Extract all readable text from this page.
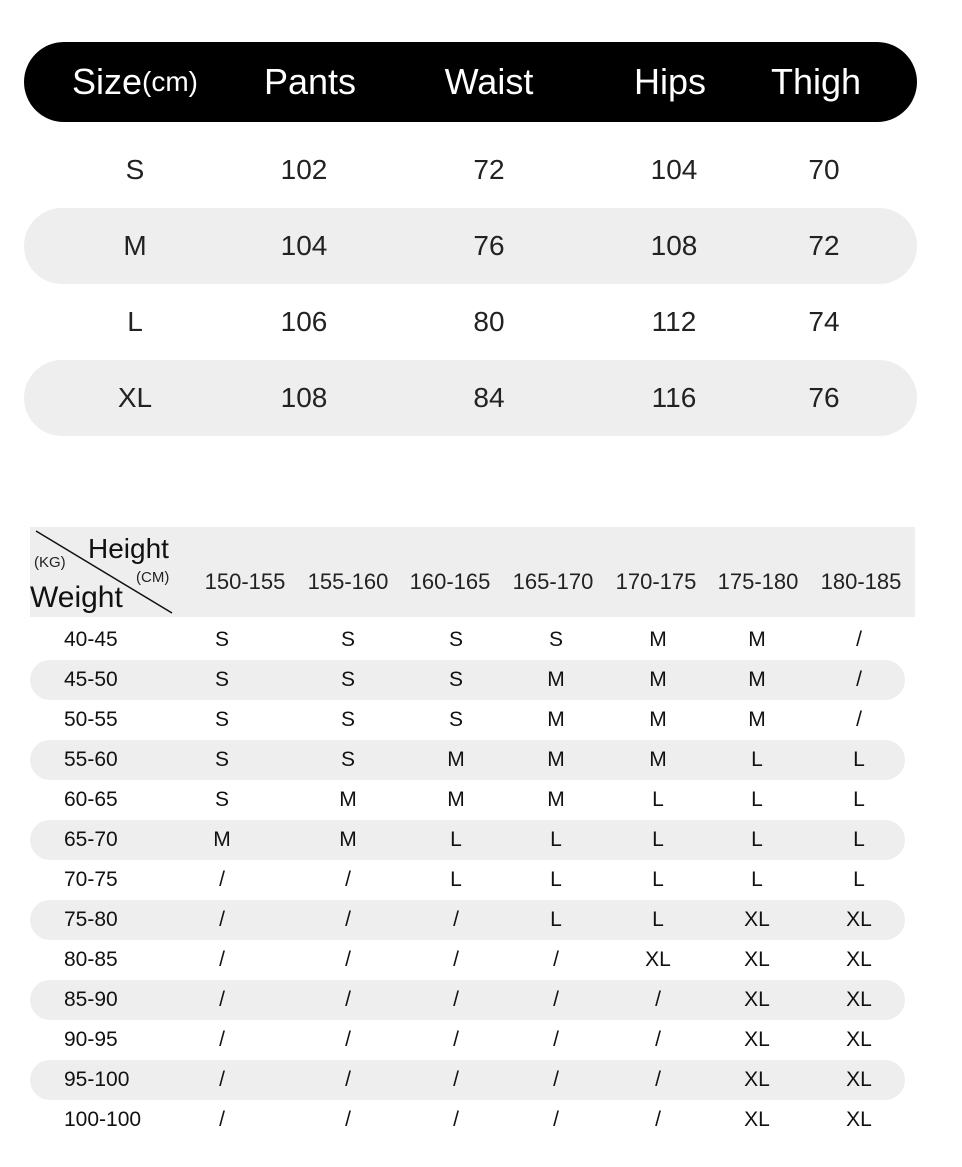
Size (cm) Pants Waist	Hips Thigh
S	102	72	104	70
M	104	76	108	72
L	106	80	112	74
XL	108	84	116	76
(KG) Height
(CM)
Weight	150-155 155-160 160-165 165-170 170-175 175-180 180-185
40-45	S	S	S	S	M	M	/
45-50	S	S	S	M	M	M	/
50-55	S	S	S	M	M	M	/
55-60	S	S	M	M	M	L	L
60-65	S	M	M	M	L	L	L
65-70	M	M	L	L	L	L	L
70-75	/	/	L	L	L	L	L
75-80	/	/	/	L	L	XL	XL
80-85	/	/	/	/	XL	XL	XL
85-90	/	/	/	/	/	XL	XL
90-95	/	/	/	/	/	XL	XL
95-100	/	/	/	/	/	XL	XL
100-100	/	/	/	/	/	XL	XL
